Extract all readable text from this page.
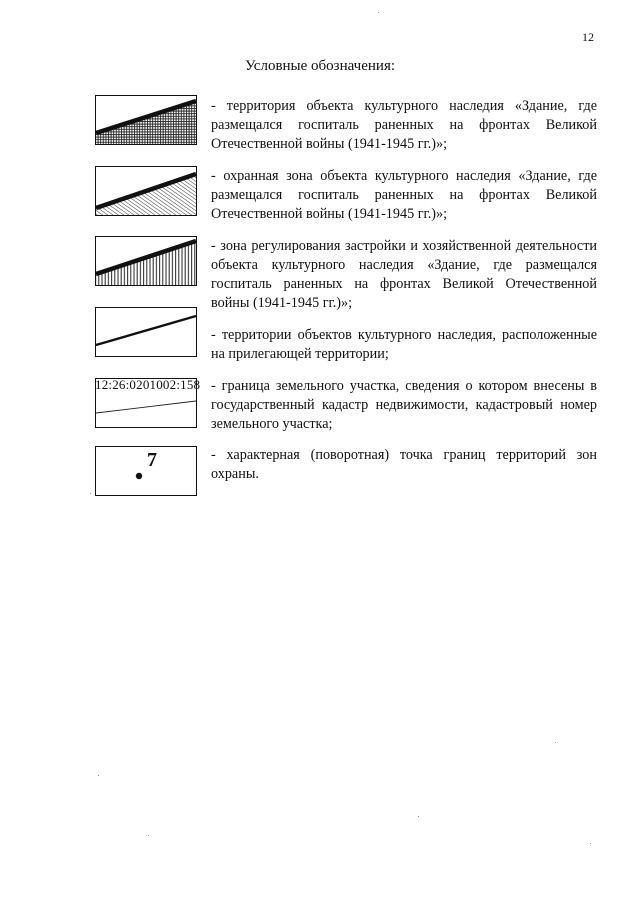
12
Условные обозначения:

- территория объекта культурного наследия «Здание, где размещался госпиталь раненных на фронтах Великой Отечественной войны (1941-1945 гг.)»;

- охранная зона объекта культурного наследия «Здание, где размещался госпиталь раненных на фронтах Великой Отечественной войны (1941-1945 гг.)»;

- зона регулирования застройки и хозяйственной деятельности объекта культурного наследия «Здание, где размещался госпиталь раненных на фронтах Великой Отечественной войны (1941-1945 гг.)»;

- территории объектов культурного наследия, расположенные на прилегающей территории;

12:26:0201002:158 - граница земельного участка, сведения о котором внесены в государственный кадастр недвижимости, кадастровый номер земельного участка;

7	- характерная (поворотная) точка границ территорий зон охраны.
